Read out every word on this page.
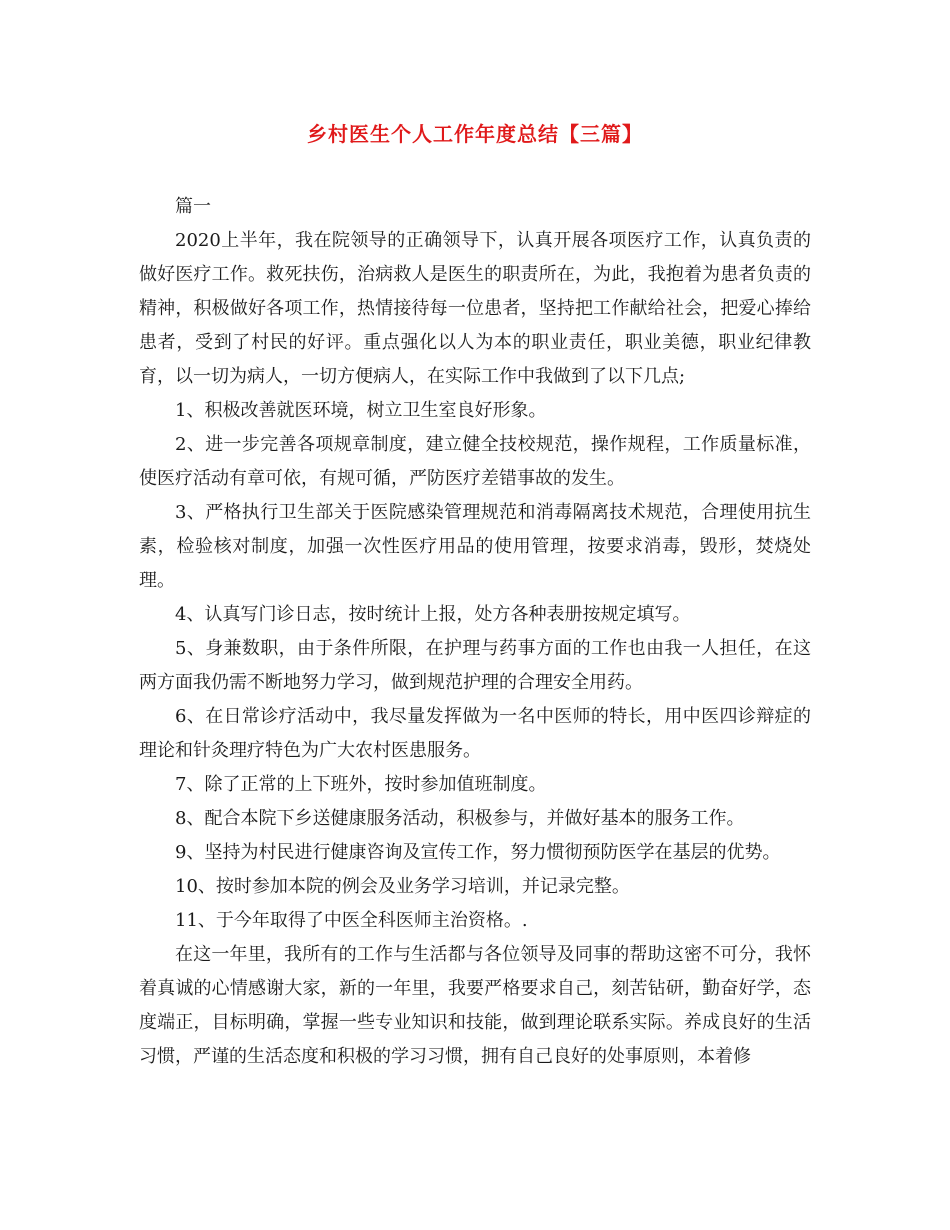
乡村医生个人工作年度总结【三篇】

篇一

2020上半年，我在院领导的正确领导下，认真开展各项医疗工作，认真负责的做好医疗工作。救死扶伤，治病救人是医生的职责所在，为此，我抱着为患者负责的精神，积极做好各项工作，热情接待每一位患者，坚持把工作献给社会，把爱心捧给患者，受到了村民的好评。重点强化以人为本的职业责任，职业美德，职业纪律教育，以一切为病人，一切方便病人，在实际工作中我做到了以下几点;

1、积极改善就医环境，树立卫生室良好形象。

2、进一步完善各项规章制度，建立健全技校规范，操作规程，工作质量标准，使医疗活动有章可依，有规可循，严防医疗差错事故的发生。

3、严格执行卫生部关于医院感染管理规范和消毒隔离技术规范，合理使用抗生素，检验核对制度，加强一次性医疗用品的使用管理，按要求消毒，毁形，焚烧处理。

4、认真写门诊日志，按时统计上报，处方各种表册按规定填写。

5、身兼数职，由于条件所限，在护理与药事方面的工作也由我一人担任，在这两方面我仍需不断地努力学习，做到规范护理的合理安全用药。

6、在日常诊疗活动中，我尽量发挥做为一名中医师的特长，用中医四诊辩症的理论和针灸理疗特色为广大农村医患服务。

7、除了正常的上下班外，按时参加值班制度。

8、配合本院下乡送健康服务活动，积极参与，并做好基本的服务工作。

9、坚持为村民进行健康咨询及宣传工作，努力惯彻预防医学在基层的优势。

10、按时参加本院的例会及业务学习培训，并记录完整。

11、于今年取得了中医全科医师主治资格。.

在这一年里，我所有的工作与生活都与各位领导及同事的帮助这密不可分，我怀着真诚的心情感谢大家，新的一年里，我要严格要求自己，刻苦钻研，勤奋好学，态度端正，目标明确，掌握一些专业知识和技能，做到理论联系实际。养成良好的生活习惯，严谨的生活态度和积极的学习习惯，拥有自己良好的处事原则，本着修
